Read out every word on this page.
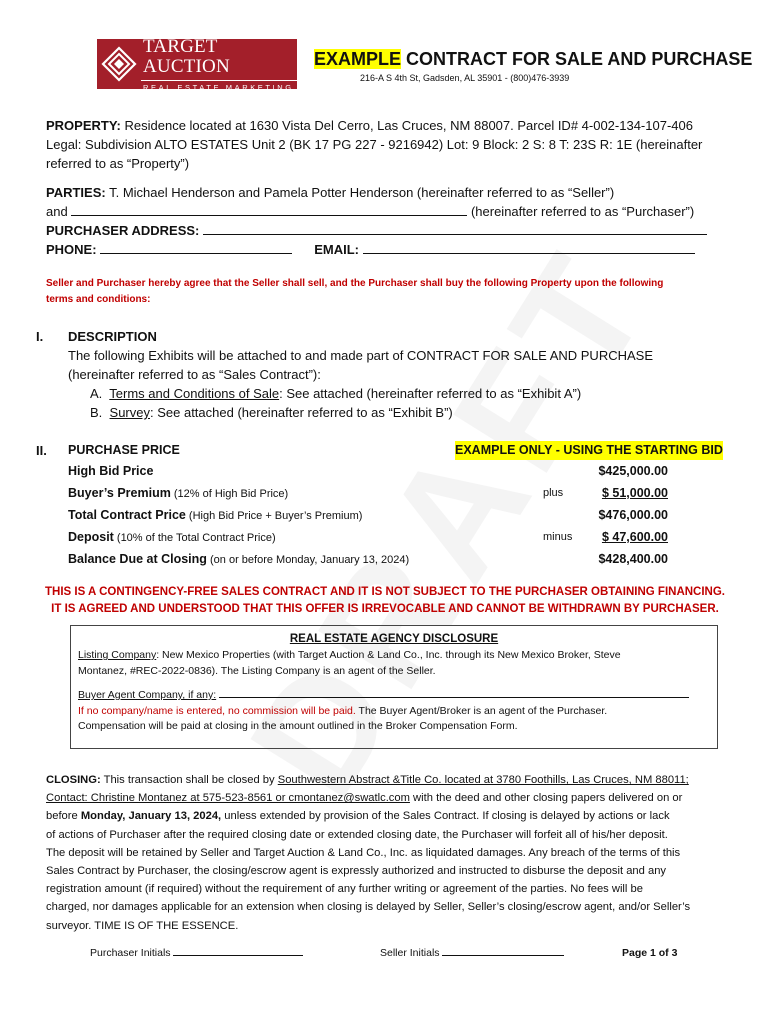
TARGET AUCTION
REAL ESTATE MARKETING
EXAMPLE CONTRACT FOR SALE AND PURCHASE
216-A S 4th St, Gadsden, AL 35901 - (800)476-3939
PROPERTY: Residence located at 1630 Vista Del Cerro, Las Cruces, NM 88007. Parcel ID# 4-002-134-107-406
Legal: Subdivision ALTO ESTATES Unit 2 (BK 17 PG 227 - 9216942) Lot: 9 Block: 2 S: 8 T: 23S R: 1E (hereinafter
referred to as “Property”)
PARTIES: T. Michael Henderson and Pamela Potter Henderson (hereinafter referred to as “Seller”)
and	(hereinafter referred to as “Purchaser”)
PURCHASER ADDRESS:
PHONE:	EMAIL:
Seller and Purchaser hereby agree that the Seller shall sell, and the Purchaser shall buy the following Property upon the following
terms and conditions:
I. DESCRIPTION
The following Exhibits will be attached to and made part of CONTRACT FOR SALE AND PURCHASE
(hereinafter referred to as “Sales Contract”):
A. Terms and Conditions of Sale: See attached (hereinafter referred to as “Exhibit A”)
B. Survey: See attached (hereinafter referred to as “Exhibit B”)
II. PURCHASE PRICE	EXAMPLE ONLY - USING THE STARTING BID
High Bid Price	$425,000.00
Buyer’s Premium (12% of High Bid Price)	plus	$ 51,000.00
Total Contract Price (High Bid Price + Buyer’s Premium)	$476,000.00
Deposit (10% of the Total Contract Price)	minus $ 47,600.00
Balance Due at Closing (on or before Monday, January 13, 2024)	$428,400.00
THIS IS A CONTINGENCY-FREE SALES CONTRACT AND IT IS NOT SUBJECT TO THE PURCHASER OBTAINING FINANCING.
IT IS AGREED AND UNDERSTOOD THAT THIS OFFER IS IRREVOCABLE AND CANNOT BE WITHDRAWN BY PURCHASER.
REAL ESTATE AGENCY DISCLOSURE
Listing Company: New Mexico Properties (with Target Auction & Land Co., Inc. through its New Mexico Broker, Steve
Montanez, #REC-2022-0836). The Listing Company is an agent of the Seller.
Buyer Agent Company, if any:
If no company/name is entered, no commission will be paid. The Buyer Agent/Broker is an agent of the Purchaser.
Compensation will be paid at closing in the amount outlined in the Broker Compensation Form.
CLOSING: This transaction shall be closed by Southwestern Abstract &Title Co. located at 3780 Foothills, Las Cruces, NM 88011;
Contact: Christine Montanez at 575-523-8561 or cmontanez@swatlc.com with the deed and other closing papers delivered on or
before Monday, January 13, 2024, unless extended by provision of the Sales Contract. If closing is delayed by actions or lack
of actions of Purchaser after the required closing date or extended closing date, the Purchaser will forfeit all of his/her deposit.
The deposit will be retained by Seller and Target Auction & Land Co., Inc. as liquidated damages. Any breach of the terms of this
Sales Contract by Purchaser, the closing/escrow agent is expressly authorized and instructed to disburse the deposit and any
registration amount (if required) without the requirement of any further writing or agreement of the parties. No fees will be
charged, nor damages applicable for an extension when closing is delayed by Seller, Seller’s closing/escrow agent, and/or Seller’s
surveyor. TIME IS OF THE ESSENCE.
Purchaser Initials	Seller Initials	Page 1 of 3
